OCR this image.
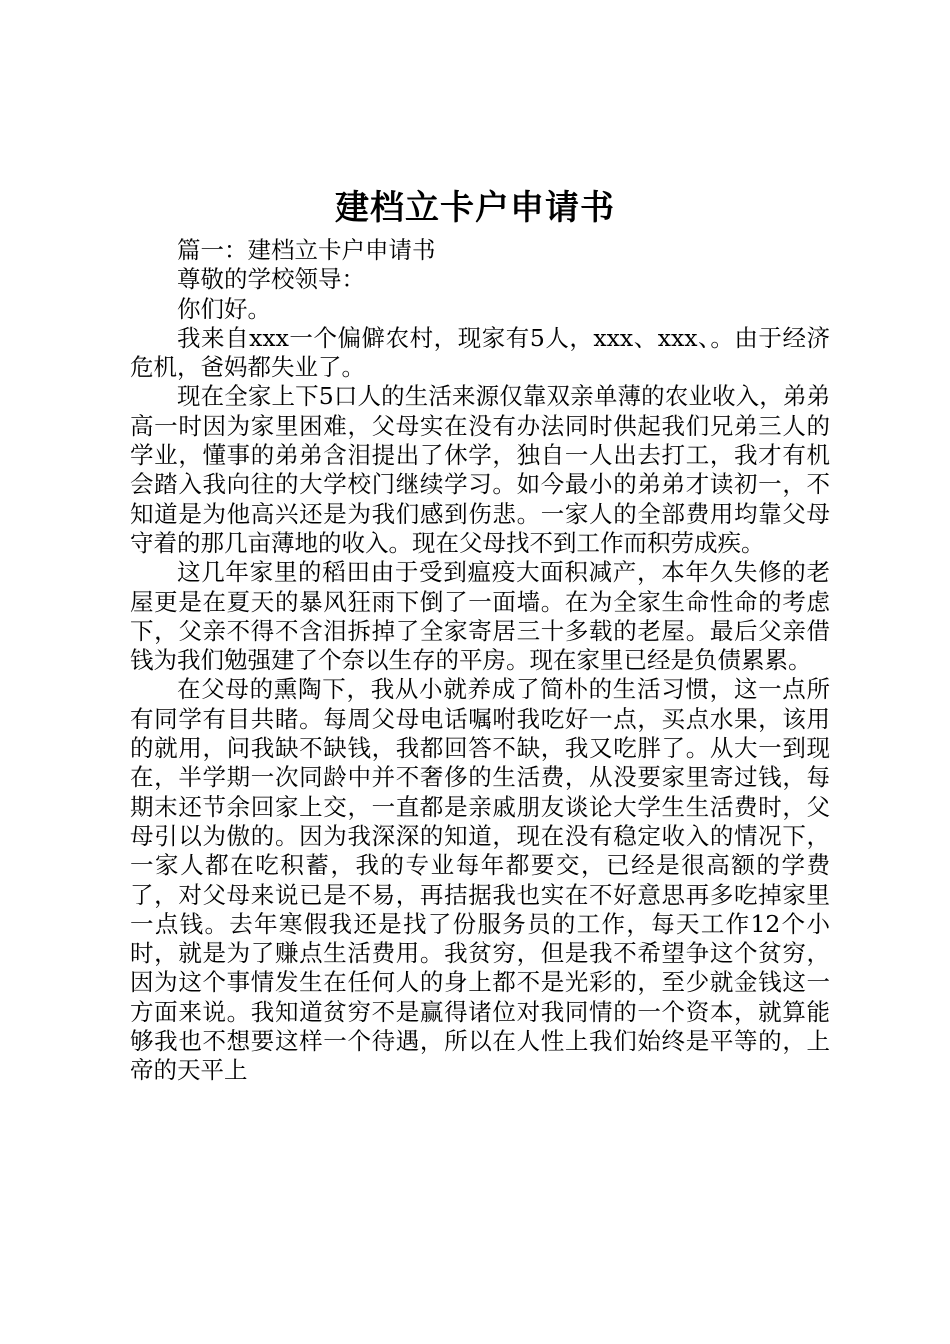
建档立卡户申请书

篇一：建档立卡户申请书

尊敬的学校领导：

你们好。

我来自xxx一个偏僻农村，现家有5人，xxx、xxx、。由于经济危机，爸妈都失业了。

现在全家上下5口人的生活来源仅靠双亲单薄的农业收入，弟弟高一时因为家里困难，父母实在没有办法同时供起我们兄弟三人的学业，懂事的弟弟含泪提出了休学，独自一人出去打工，我才有机会踏入我向往的大学校门继续学习。如今最小的弟弟才读初一，不知道是为他高兴还是为我们感到伤悲。一家人的全部费用均靠父母守着的那几亩薄地的收入。现在父母找不到工作而积劳成疾。

这几年家里的稻田由于受到瘟疫大面积减产，本年久失修的老屋更是在夏天的暴风狂雨下倒了一面墙。在为全家生命性命的考虑下，父亲不得不含泪拆掉了全家寄居三十多载的老屋。最后父亲借钱为我们勉强建了个奈以生存的平房。现在家里已经是负债累累。

在父母的熏陶下，我从小就养成了简朴的生活习惯，这一点所有同学有目共睹。每周父母电话嘱咐我吃好一点，买点水果，该用的就用，问我缺不缺钱，我都回答不缺，我又吃胖了。从大一到现在，半学期一次同龄中并不奢侈的生活费，从没要家里寄过钱，每期末还节余回家上交，一直都是亲戚朋友谈论大学生生活费时，父母引以为傲的。因为我深深的知道，现在没有稳定收入的情况下，一家人都在吃积蓄，我的专业每年都要交，已经是很高额的学费了，对父母来说已是不易，再拮据我也实在不好意思再多吃掉家里一点钱。去年寒假我还是找了份服务员的工作，每天工作12个小时，就是为了赚点生活费用。我贫穷，但是我不希望争这个贫穷，因为这个事情发生在任何人的身上都不是光彩的，至少就金钱这一方面来说。我知道贫穷不是赢得诸位对我同情的一个资本，就算能够我也不想要这样一个待遇，所以在人性上我们始终是平等的，上帝的天平上
